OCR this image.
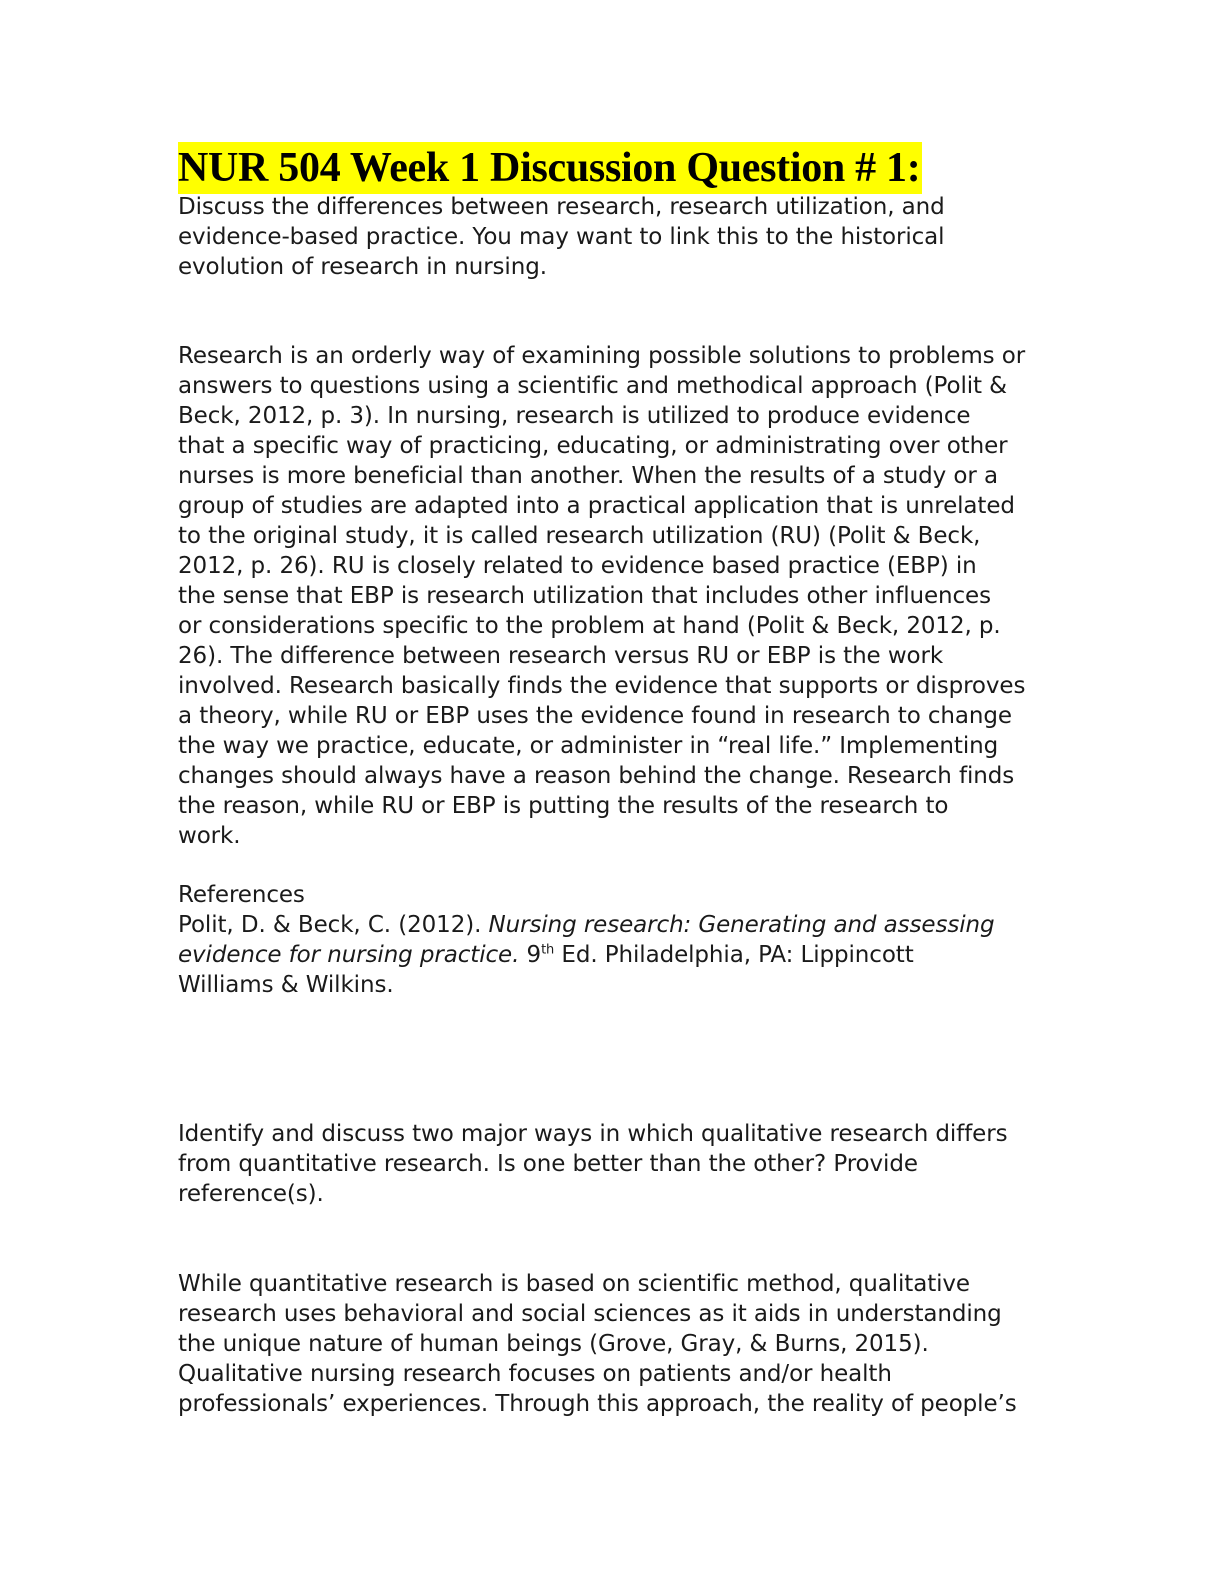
NUR 504 Week 1 Discussion Question # 1:
Discuss the differences between research, research utilization, and
evidence-based practice. You may want to link this to the historical
evolution of research in nursing.
Research is an orderly way of examining possible solutions to problems or
answers to questions using a scientific and methodical approach (Polit &
Beck, 2012, p. 3). In nursing, research is utilized to produce evidence
that a specific way of practicing, educating, or administrating over other
nurses is more beneficial than another. When the results of a study or a
group of studies are adapted into a practical application that is unrelated
to the original study, it is called research utilization (RU) (Polit & Beck,
2012, p. 26). RU is closely related to evidence based practice (EBP) in
the sense that EBP is research utilization that includes other influences
or considerations specific to the problem at hand (Polit & Beck, 2012, p.
26). The difference between research versus RU or EBP is the work
involved. Research basically finds the evidence that supports or disproves
a theory, while RU or EBP uses the evidence found in research to change
the way we practice, educate, or administer in “real life.” Implementing
changes should always have a reason behind the change. Research finds
the reason, while RU or EBP is putting the results of the research to
work.
References
Polit, D. & Beck, C. (2012). Nursing research: Generating and assessing
evidence for nursing practice. 9th Ed. Philadelphia, PA: Lippincott
Williams & Wilkins.
Identify and discuss two major ways in which qualitative research differs
from quantitative research. Is one better than the other? Provide
reference(s).
While quantitative research is based on scientific method, qualitative
research uses behavioral and social sciences as it aids in understanding
the unique nature of human beings (Grove, Gray, & Burns, 2015).
Qualitative nursing research focuses on patients and/or health
professionals’ experiences. Through this approach, the reality of people’s
